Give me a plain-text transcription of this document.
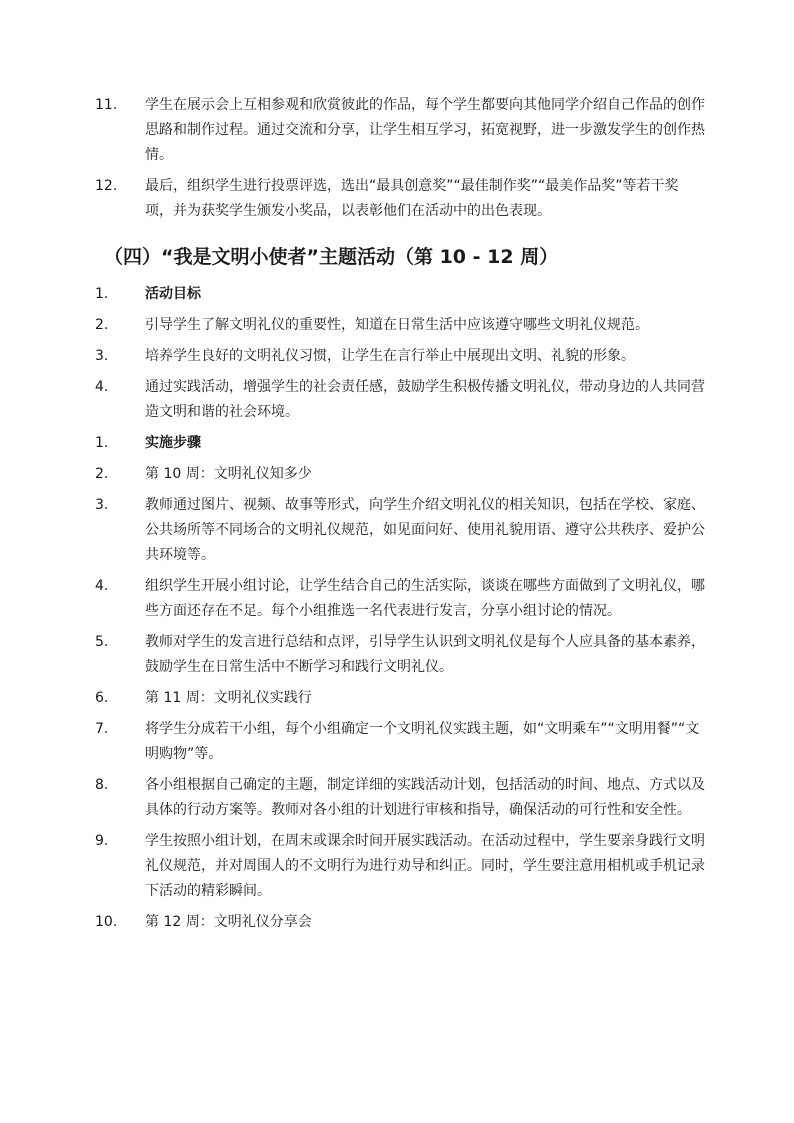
11.	学生在展示会上互相参观和欣赏彼此的作品，每个学生都要向其他同学介绍自己作品的创作思路和制作过程。通过交流和分享，让学生相互学习，拓宽视野，进一步激发学生的创作热情。
12.	最后，组织学生进行投票评选，选出“最具创意奖”“最佳制作奖”“最美作品奖”等若干奖项，并为获奖学生颁发小奖品，以表彰他们在活动中的出色表现。
（四）“我是文明小使者”主题活动（第 10 - 12 周）
1.	活动目标
2.	引导学生了解文明礼仪的重要性，知道在日常生活中应该遵守哪些文明礼仪规范。
3.	培养学生良好的文明礼仪习惯，让学生在言行举止中展现出文明、礼貌的形象。
4.	通过实践活动，增强学生的社会责任感，鼓励学生积极传播文明礼仪，带动身边的人共同营造文明和谐的社会环境。
1.	实施步骤
2.	第 10 周：文明礼仪知多少
3.	教师通过图片、视频、故事等形式，向学生介绍文明礼仪的相关知识，包括在学校、家庭、公共场所等不同场合的文明礼仪规范，如见面问好、使用礼貌用语、遵守公共秩序、爱护公共环境等。
4.	组织学生开展小组讨论，让学生结合自己的生活实际，谈谈在哪些方面做到了文明礼仪，哪些方面还存在不足。每个小组推选一名代表进行发言，分享小组讨论的情况。
5.	教师对学生的发言进行总结和点评，引导学生认识到文明礼仪是每个人应具备的基本素养，鼓励学生在日常生活中不断学习和践行文明礼仪。
6.	第 11 周：文明礼仪实践行
7.	将学生分成若干小组，每个小组确定一个文明礼仪实践主题，如“文明乘车”“文明用餐”“文明购物”等。
8.	各小组根据自己确定的主题，制定详细的实践活动计划，包括活动的时间、地点、方式以及具体的行动方案等。教师对各小组的计划进行审核和指导，确保活动的可行性和安全性。
9.	学生按照小组计划，在周末或课余时间开展实践活动。在活动过程中，学生要亲身践行文明礼仪规范，并对周围人的不文明行为进行劝导和纠正。同时，学生要注意用相机或手机记录下活动的精彩瞬间。
10.	第 12 周：文明礼仪分享会
